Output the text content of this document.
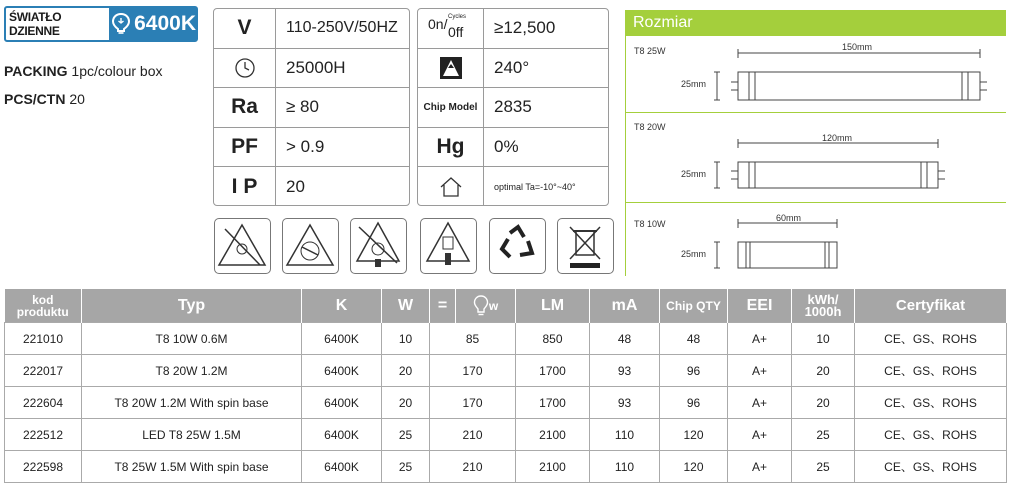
ŚWIATŁO DZIENNE	6400K
PACKING 1pc/colour box
PCS/CTN 20
V	110-250V/50HZ
25000H
Ra	≥ 80
PF	> 0.9
I P	20
0n/ Cycles
0ff	≥12,500
240°
Chip Model 2835
Hg	0%
optimal Ta=-10°~40°
Rozmiar
T8 25W
T8 20W
T8 10W
25mm
25mm
25mm
150mm
120mm
60mm
kod produktu	Typ	K	W	=	w	LM	mA	Chip QTY	EEI	kWh/ 1000h	Certyfikat
221010	T8 10W 0.6M	6400K	10	85		850	48	48	A+	10	CE、GS、ROHS
222017	T8 20W 1.2M	6400K	20	170		1700	93	96	A+	20	CE、GS、ROHS
222604	T8 20W 1.2M With spin base	6400K	20	170		1700	93	96	A+	20	CE、GS、ROHS
222512	LED T8 25W 1.5M	6400K	25	210		2100	110	120	A+	25	CE、GS、ROHS
222598	T8 25W 1.5M With spin base	6400K	25	210		2100	110	120	A+	25	CE、GS、ROHS
